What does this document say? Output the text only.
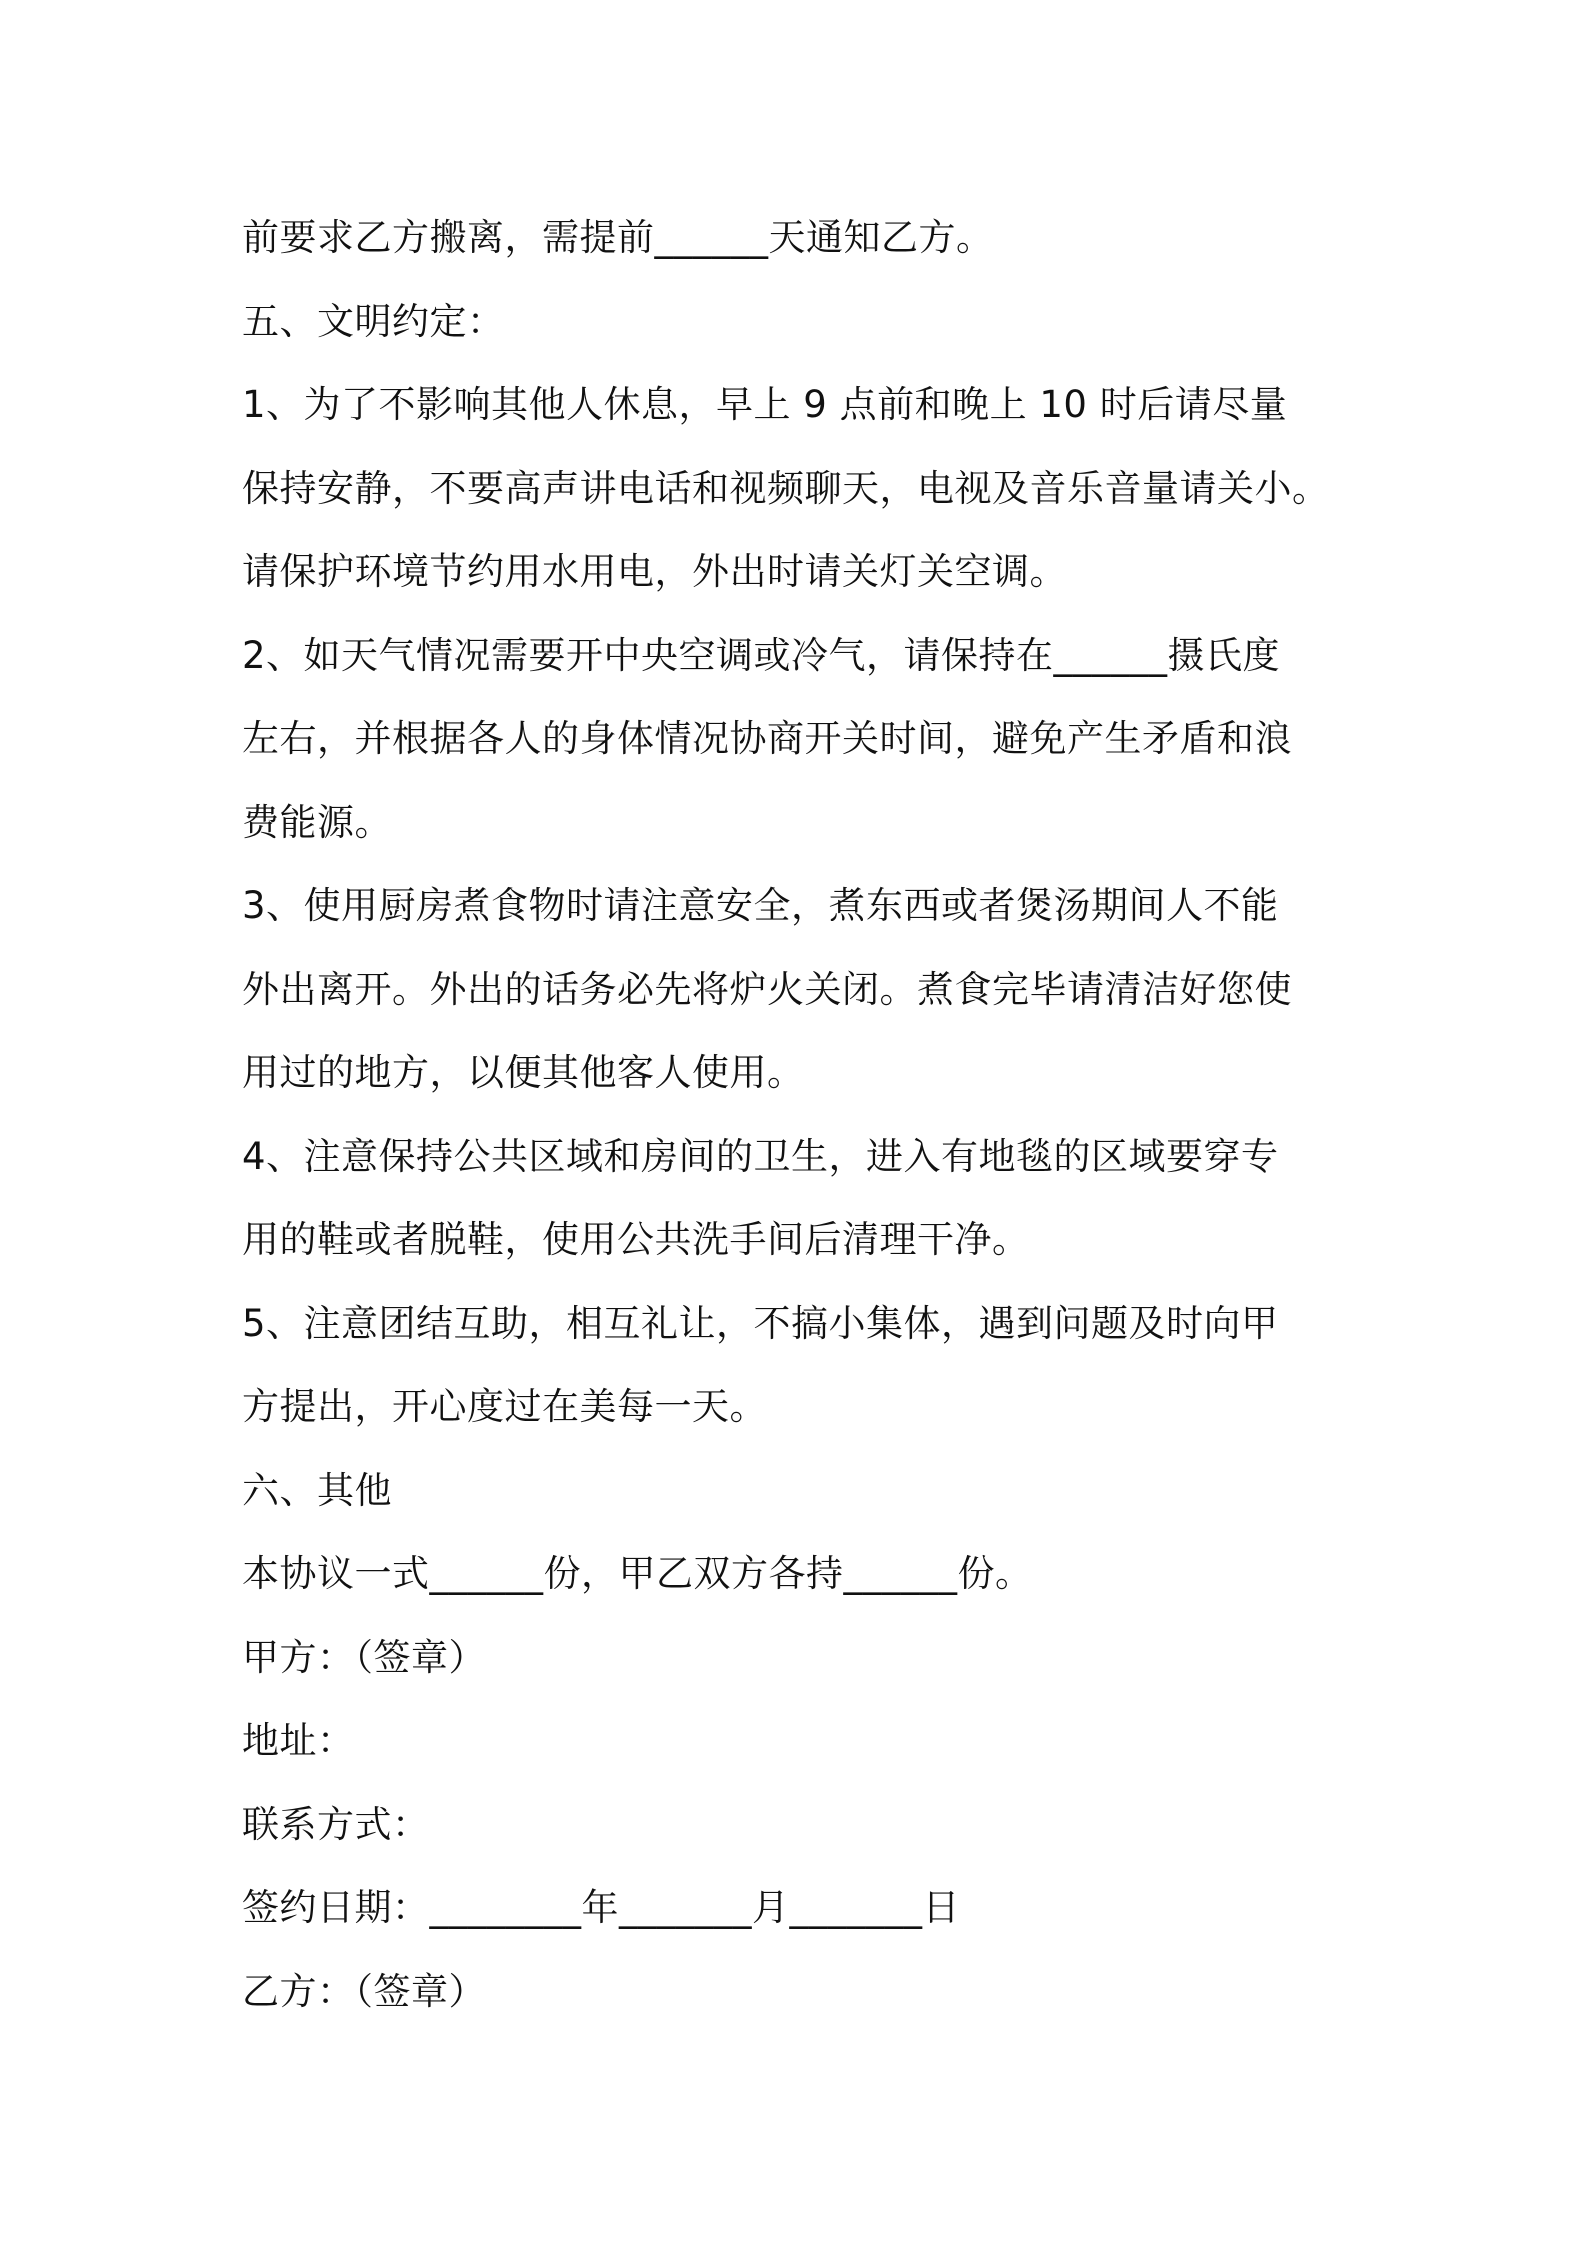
前要求乙方搬离，需提前______天通知乙方。
五、文明约定：
1、为了不影响其他人休息，早上 9 点前和晚上 10 时后请尽量
保持安静，不要高声讲电话和视频聊天，电视及音乐音量请关小。
请保护环境节约用水用电，外出时请关灯关空调。
2、如天气情况需要开中央空调或冷气，请保持在______摄氏度
左右，并根据各人的身体情况协商开关时间，避免产生矛盾和浪
费能源。
3、使用厨房煮食物时请注意安全，煮东西或者煲汤期间人不能
外出离开。外出的话务必先将炉火关闭。煮食完毕请清洁好您使
用过的地方，以便其他客人使用。
4、注意保持公共区域和房间的卫生，进入有地毯的区域要穿专
用的鞋或者脱鞋，使用公共洗手间后清理干净。
5、注意团结互助，相互礼让，不搞小集体，遇到问题及时向甲
方提出，开心度过在美每一天。
六、其他
本协议一式______份，甲乙双方各持______份。
甲方：（签章）
地址：
联系方式：
签约日期：________年_______月_______日
乙方：（签章）
